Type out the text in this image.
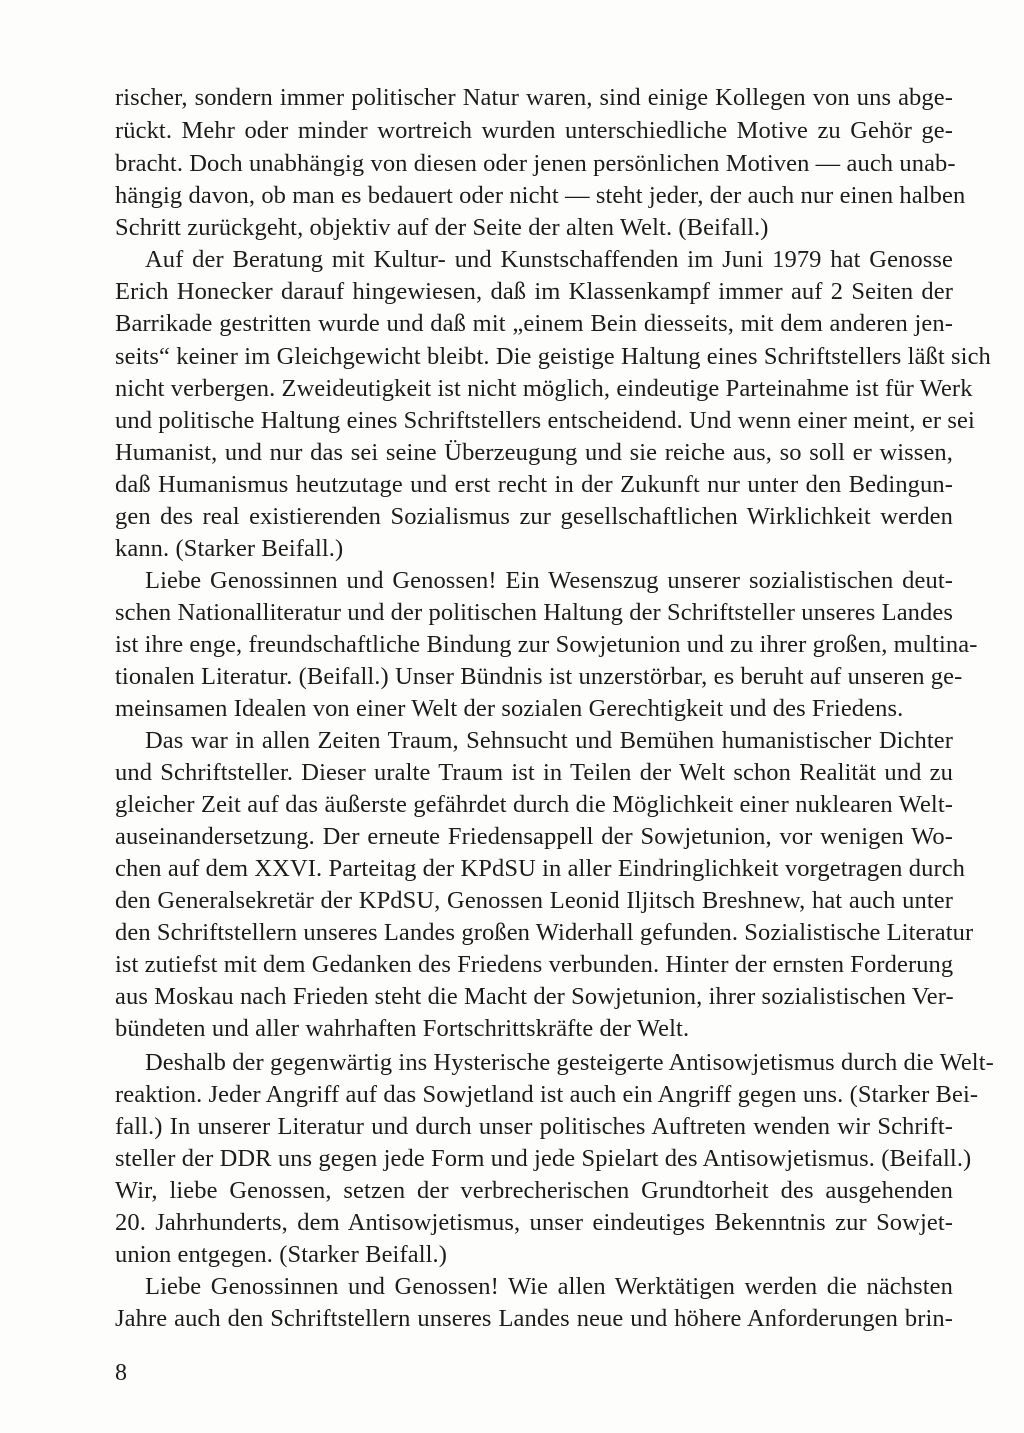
rischer, sondern immer politischer Natur waren, sind einige Kollegen von uns abge-
rückt. Mehr oder minder wortreich wurden unterschiedliche Motive zu Gehör ge-
bracht. Doch unabhängig von diesen oder jenen persönlichen Motiven — auch unab-
hängig davon, ob man es bedauert oder nicht — steht jeder, der auch nur einen halben
Schritt zurückgeht, objektiv auf der Seite der alten Welt. (Beifall.)
Auf der Beratung mit Kultur- und Kunstschaffenden im Juni 1979 hat Genosse
Erich Honecker darauf hingewiesen, daß im Klassenkampf immer auf 2 Seiten der
Barrikade gestritten wurde und daß mit „einem Bein diesseits, mit dem anderen jen-
seits“ keiner im Gleichgewicht bleibt. Die geistige Haltung eines Schriftstellers läßt sich
nicht verbergen. Zweideutigkeit ist nicht möglich, eindeutige Parteinahme ist für Werk
und politische Haltung eines Schriftstellers entscheidend. Und wenn einer meint, er sei
Humanist, und nur das sei seine Überzeugung und sie reiche aus, so soll er wissen,
daß Humanismus heutzutage und erst recht in der Zukunft nur unter den Bedingun-
gen des real existierenden Sozialismus zur gesellschaftlichen Wirklichkeit werden
kann. (Starker Beifall.)
Liebe Genossinnen und Genossen! Ein Wesenszug unserer sozialistischen deut-
schen Nationalliteratur und der politischen Haltung der Schriftsteller unseres Landes
ist ihre enge, freundschaftliche Bindung zur Sowjetunion und zu ihrer großen, multina-
tionalen Literatur. (Beifall.) Unser Bündnis ist unzerstörbar, es beruht auf unseren ge-
meinsamen Idealen von einer Welt der sozialen Gerechtigkeit und des Friedens.
Das war in allen Zeiten Traum, Sehnsucht und Bemühen humanistischer Dichter
und Schriftsteller. Dieser uralte Traum ist in Teilen der Welt schon Realität und zu
gleicher Zeit auf das äußerste gefährdet durch die Möglichkeit einer nuklearen Welt-
auseinandersetzung. Der erneute Friedensappell der Sowjetunion, vor wenigen Wo-
chen auf dem XXVI. Parteitag der KPdSU in aller Eindringlichkeit vorgetragen durch
den Generalsekretär der KPdSU, Genossen Leonid Iljitsch Breshnew, hat auch unter
den Schriftstellern unseres Landes großen Widerhall gefunden. Sozialistische Literatur
ist zutiefst mit dem Gedanken des Friedens verbunden. Hinter der ernsten Forderung
aus Moskau nach Frieden steht die Macht der Sowjetunion, ihrer sozialistischen Ver-
bündeten und aller wahrhaften Fortschrittskräfte der Welt.
Deshalb der gegenwärtig ins Hysterische gesteigerte Antisowjetismus durch die Welt-
reaktion. Jeder Angriff auf das Sowjetland ist auch ein Angriff gegen uns. (Starker Bei-
fall.) In unserer Literatur und durch unser politisches Auftreten wenden wir Schrift-
steller der DDR uns gegen jede Form und jede Spielart des Antisowjetismus. (Beifall.)
Wir, liebe Genossen, setzen der verbrecherischen Grundtorheit des ausgehenden
20. Jahrhunderts, dem Antisowjetismus, unser eindeutiges Bekenntnis zur Sowjet-
union entgegen. (Starker Beifall.)
Liebe Genossinnen und Genossen! Wie allen Werktätigen werden die nächsten
Jahre auch den Schriftstellern unseres Landes neue und höhere Anforderungen brin-
8
